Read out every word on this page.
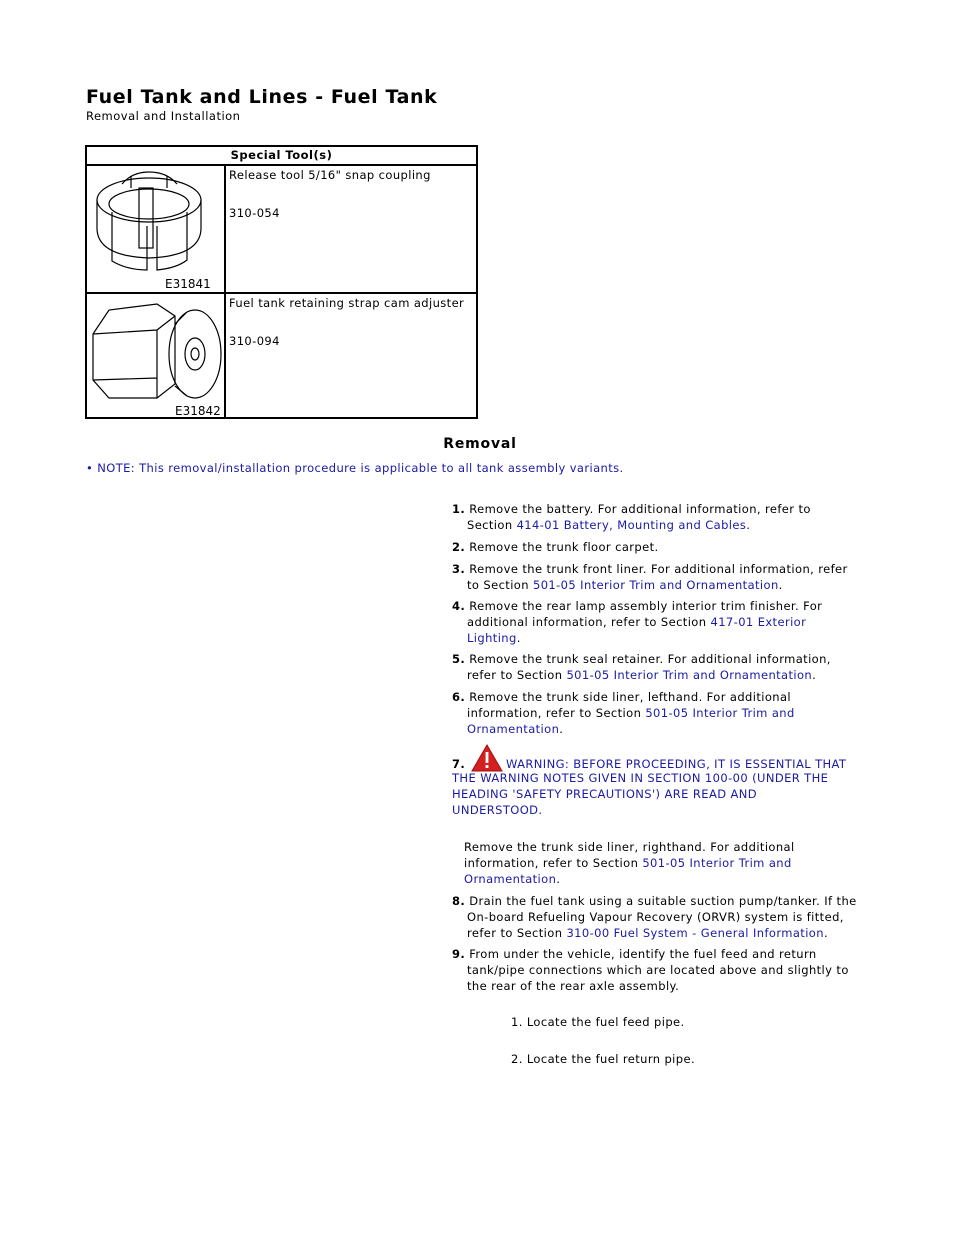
Fuel Tank and Lines - Fuel Tank
Removal and Installation
Special Tool(s)
E31841
Release tool 5/16" snap coupling
310-054
E31842
Fuel tank retaining strap cam adjuster
310-094
Removal
• NOTE: This removal/installation procedure is applicable to all tank assembly variants.
1. Remove the battery. For additional information, refer to
Section 414-01 Battery, Mounting and Cables.
2. Remove the trunk floor carpet.
3. Remove the trunk front liner. For additional information, refer
to Section 501-05 Interior Trim and Ornamentation.
4. Remove the rear lamp assembly interior trim finisher. For
additional information, refer to Section 417-01 Exterior
Lighting.
5. Remove the trunk seal retainer. For additional information,
refer to Section 501-05 Interior Trim and Ornamentation.
6. Remove the trunk side liner, lefthand. For additional
information, refer to Section 501-05 Interior Trim and
Ornamentation.
7.	WARNING: BEFORE PROCEEDING, IT IS ESSENTIAL THAT
THE WARNING NOTES GIVEN IN SECTION 100-00 (UNDER THE
HEADING 'SAFETY PRECAUTIONS') ARE READ AND
UNDERSTOOD.
Remove the trunk side liner, righthand. For additional
information, refer to Section 501-05 Interior Trim and
Ornamentation.
8. Drain the fuel tank using a suitable suction pump/tanker. If the
On-board Refueling Vapour Recovery (ORVR) system is fitted,
refer to Section 310-00 Fuel System - General Information.
9. From under the vehicle, identify the fuel feed and return
tank/pipe connections which are located above and slightly to
the rear of the rear axle assembly.
1. Locate the fuel feed pipe.
2. Locate the fuel return pipe.
